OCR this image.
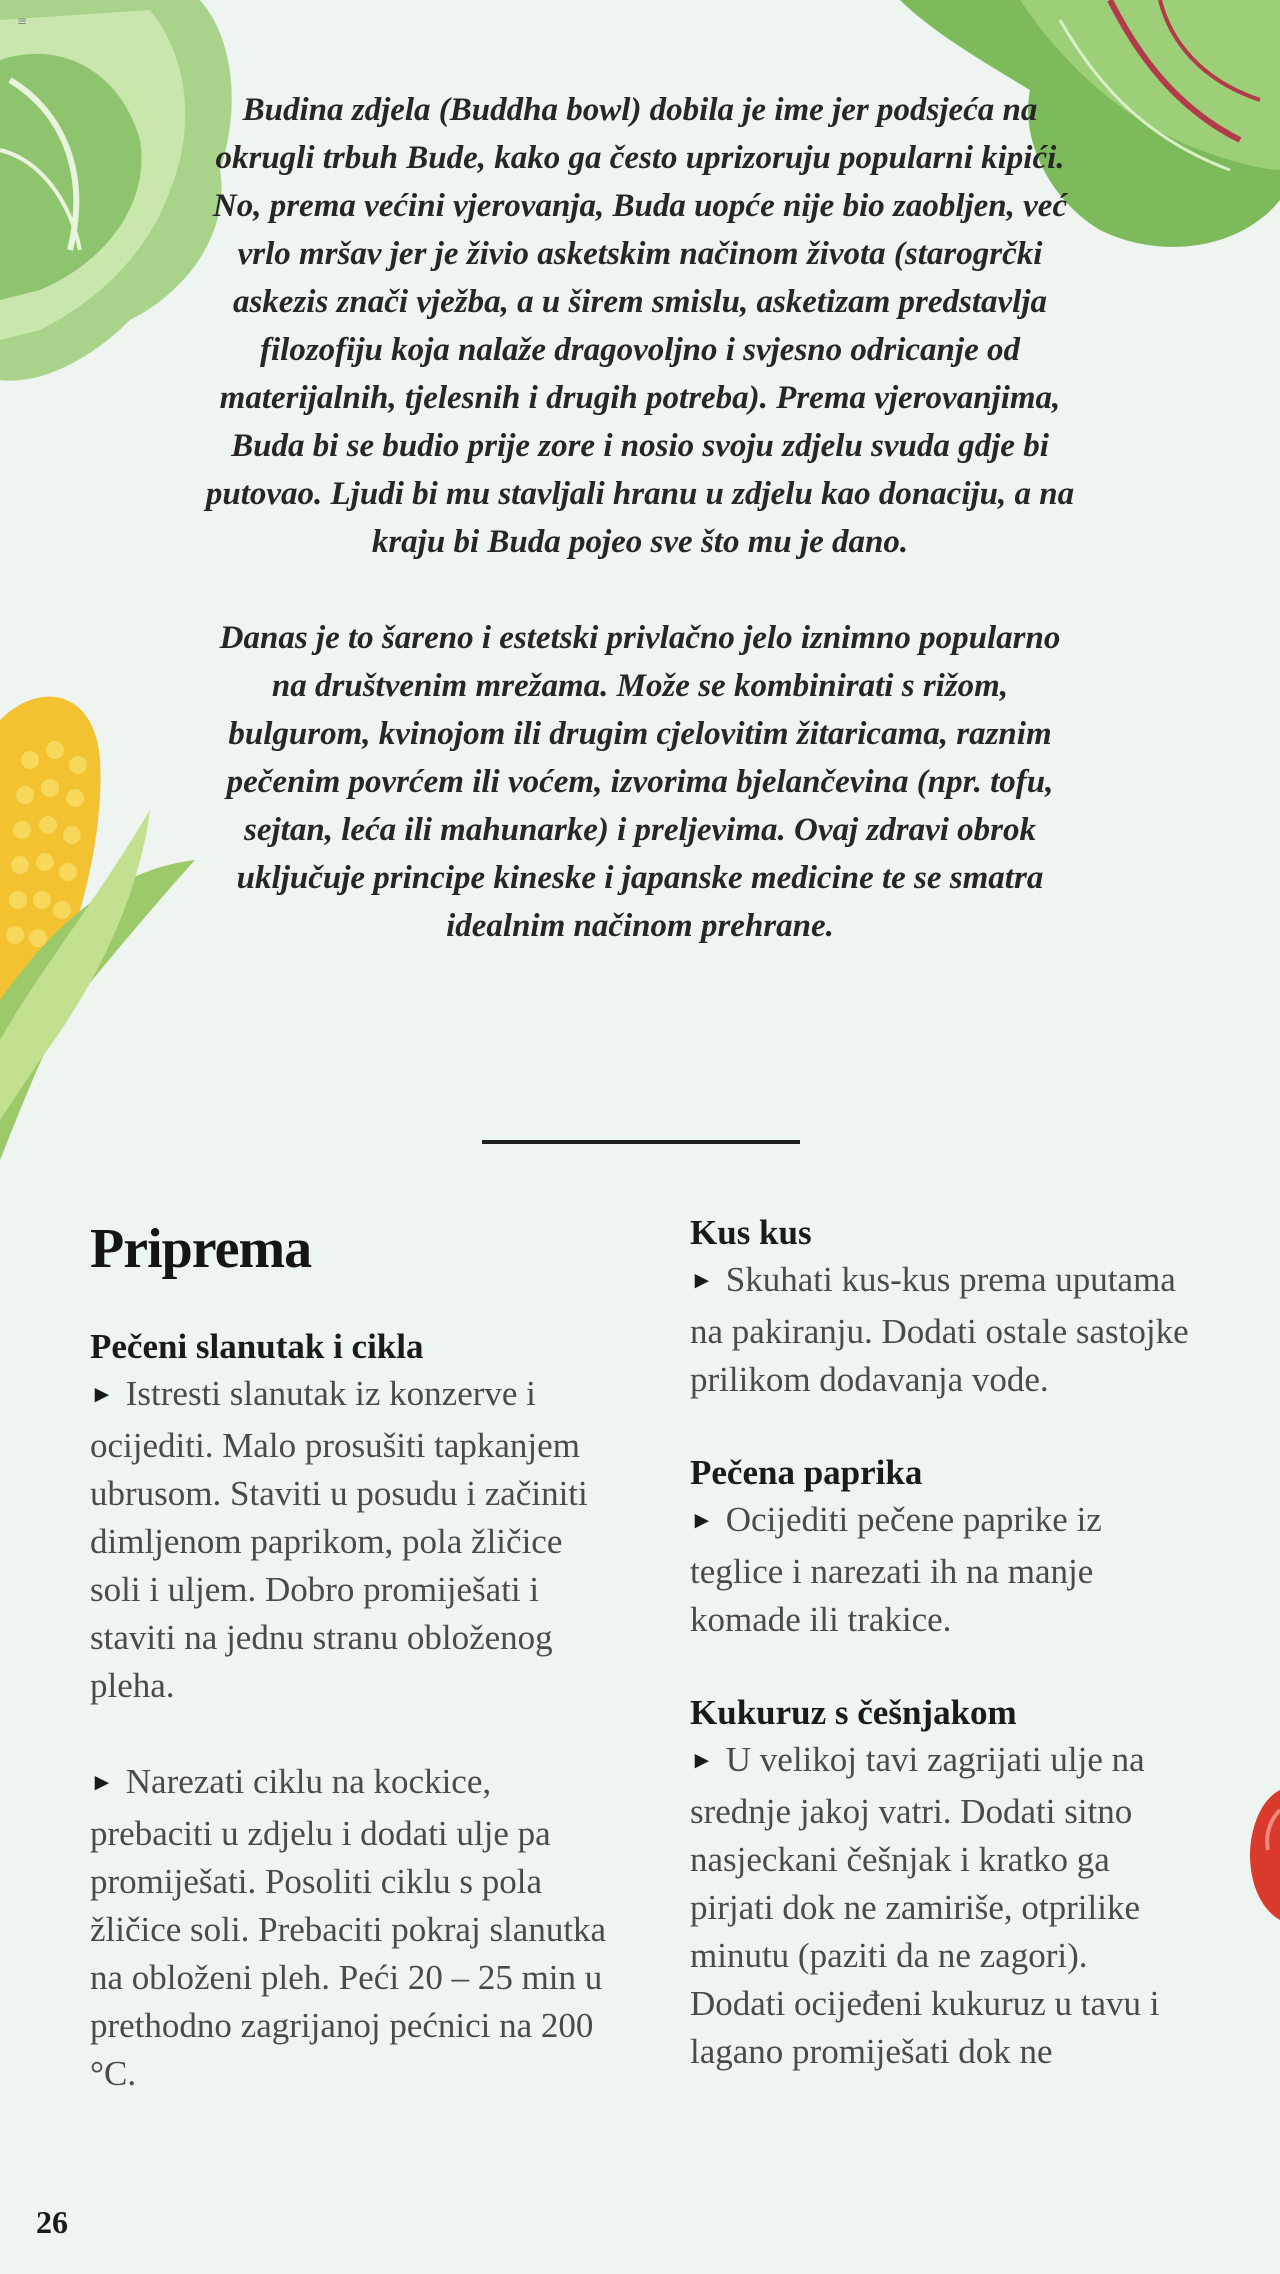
≡

Budina zdjela (Buddha bowl) dobila je ime jer podsjeća na okrugli trbuh Bude, kako ga često uprizoruju popularni kipići. No, prema većini vjerovanja, Buda uopće nije bio zaobljen, već vrlo mršav jer je živio asketskim načinom života (starogrčki askezis znači vježba, a u širem smislu, asketizam predstavlja filozofiju koja nalaže dragovoljno i svjesno odricanje od materijalnih, tjelesnih i drugih potreba). Prema vjerovanjima, Buda bi se budio prije zore i nosio svoju zdjelu svuda gdje bi putovao. Ljudi bi mu stavljali hranu u zdjelu kao donaciju, a na kraju bi Buda pojeo sve što mu je dano.

Danas je to šareno i estetski privlačno jelo iznimno popularno na društvenim mrežama. Može se kombinirati s rižom, bulgurom, kvinojom ili drugim cjelovitim žitaricama, raznim pečenim povrćem ili voćem, izvorima bjelančevina (npr. tofu, sejtan, leća ili mahunarke) i preljevima. Ovaj zdravi obrok uključuje principe kineske i japanske medicine te se smatra idealnim načinom prehrane.

Priprema
Pečeni slanutak i cikla

► Istresti slanutak iz konzerve i ocijediti. Malo prosušiti tapkanjem ubrusom. Staviti u posudu i začiniti dimljenom paprikom, pola žličice soli i uljem. Dobro promiješati i staviti na jednu stranu obloženog pleha.

► Narezati ciklu na kockice, prebaciti u zdjelu i dodati ulje pa promiješati. Posoliti ciklu s pola žličice soli. Prebaciti pokraj slanutka na obloženi pleh. Peći 20 – 25 min u prethodno zagrijanoj pećnici na 200 °C.

Kus kus

► Skuhati kus-kus prema uputama na pakiranju. Dodati ostale sastojke prilikom dodavanja vode.

Pečena paprika

► Ocijediti pečene paprike iz teglice i narezati ih na manje komade ili trakice.

Kukuruz s češnjakom

► U velikoj tavi zagrijati ulje na srednje jakoj vatri. Dodati sitno nasjeckani češnjak i kratko ga pirjati dok ne zamiriše, otprilike minutu (paziti da ne zagori). Dodati ocijeđeni kukuruz u tavu i lagano promiješati dok ne

26
